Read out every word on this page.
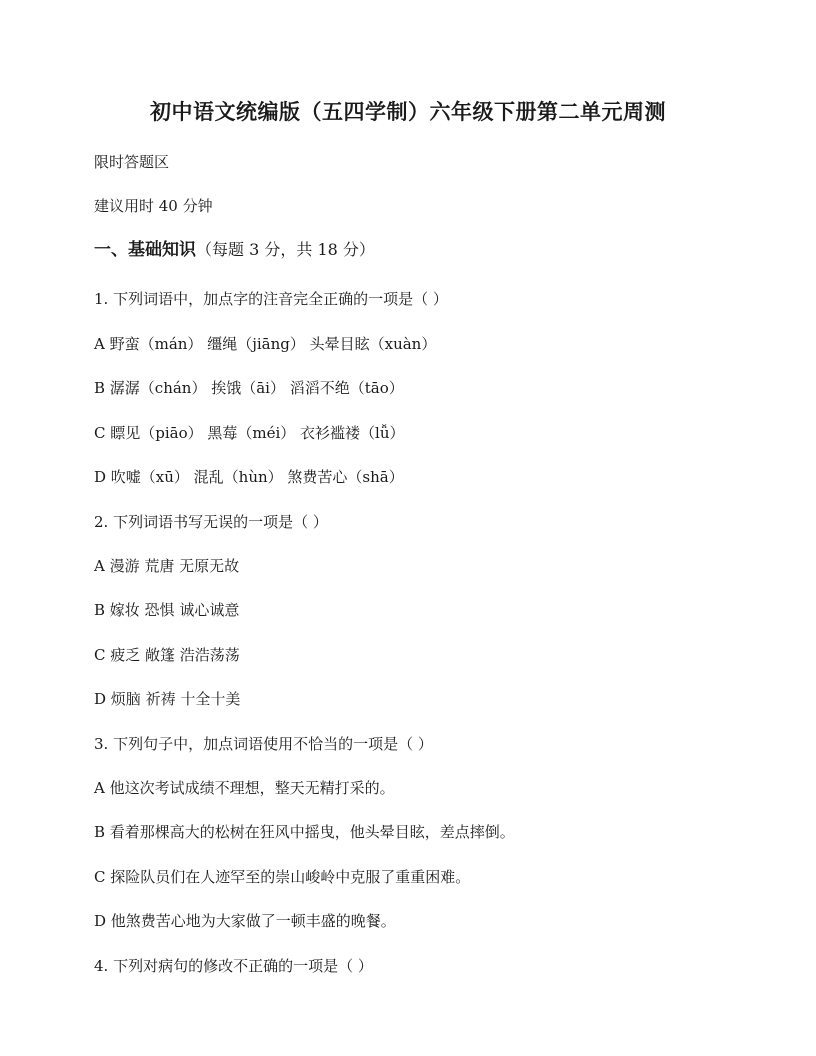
初中语文统编版（五四学制）六年级下册第二单元周测
限时答题区
建议用时 40 分钟
一、基础知识（每题 3 分，共 18 分）
1. 下列词语中，加点字的注音完全正确的一项是（ ）
A 野蛮（mán） 缰绳（jiāng） 头晕目眩（xuàn）
B 潺潺（chán） 挨饿（āi） 滔滔不绝（tāo）
C 瞟见（piāo） 黑莓（méi） 衣衫褴褛（lǚ）
D 吹嘘（xū） 混乱（hùn） 煞费苦心（shā）
2. 下列词语书写无误的一项是（ ）
A 漫游 荒唐 无原无故
B 嫁妆 恐惧 诚心诚意
C 疲乏 敞篷 浩浩荡荡
D 烦脑 祈祷 十全十美
3. 下列句子中，加点词语使用不恰当的一项是（ ）
A 他这次考试成绩不理想，整天无精打采的。
B 看着那棵高大的松树在狂风中摇曳，他头晕目眩，差点摔倒。
C 探险队员们在人迹罕至的崇山峻岭中克服了重重困难。
D 他煞费苦心地为大家做了一顿丰盛的晚餐。
4. 下列对病句的修改不正确的一项是（ ）
